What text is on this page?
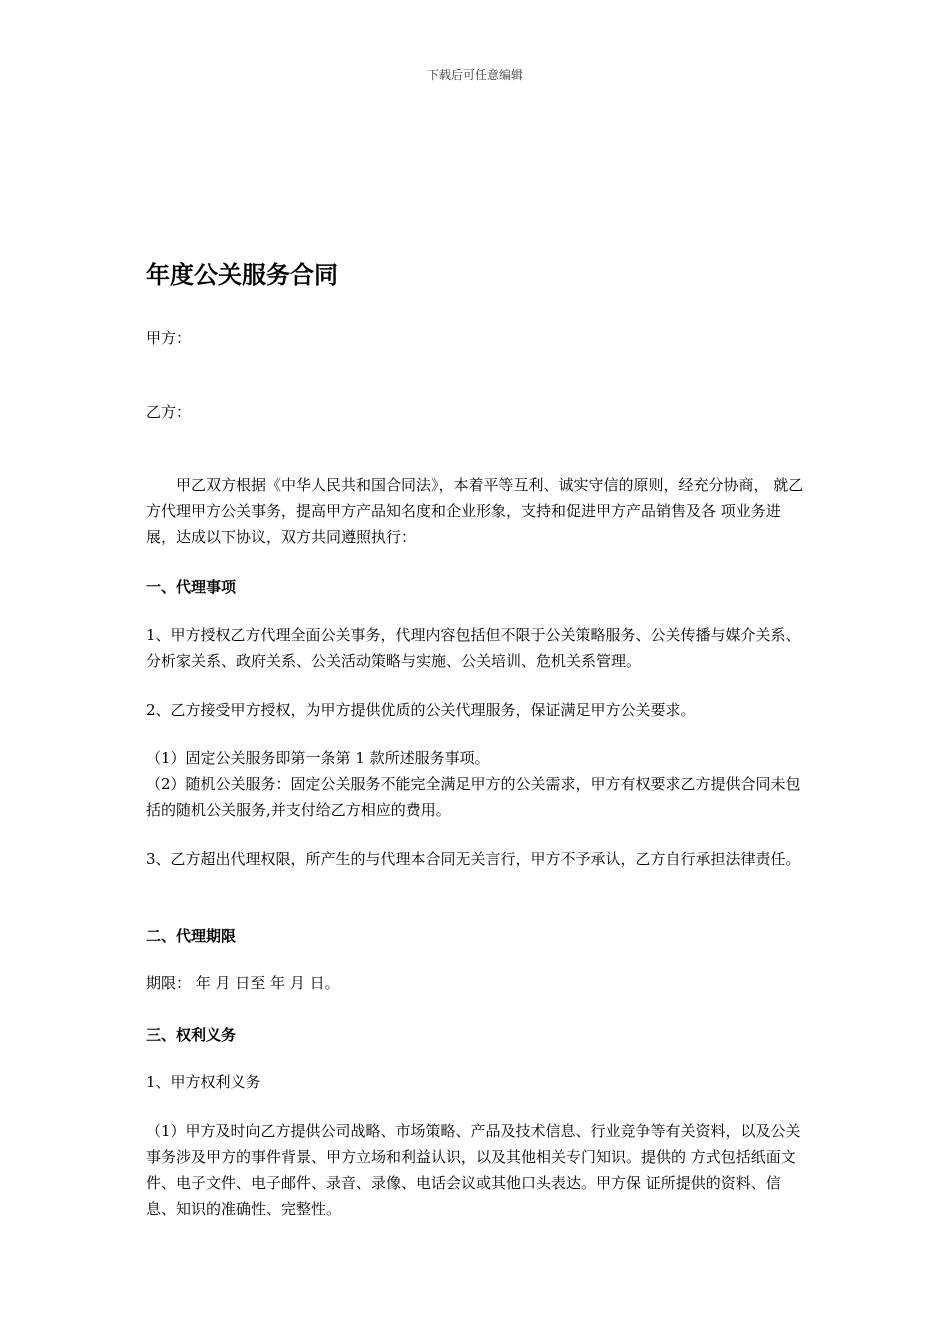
下载后可任意编辑
年度公关服务合同

甲方：

乙方：

甲乙双方根据《中华人民共和国合同法》，本着平等互利、诚实守信的原则，经充分协商， 就乙方代理甲方公关事务，提高甲方产品知名度和企业形象，支持和促进甲方产品销售及各 项业务进展，达成以下协议，双方共同遵照执行：

一、代理事项

1、甲方授权乙方代理全面公关事务，代理内容包括但不限于公关策略服务、公关传播与媒介关系、分析家关系、政府关系、公关活动策略与实施、公关培训、危机关系管理。

2、乙方接受甲方授权，为甲方提供优质的公关代理服务，保证满足甲方公关要求。

（1）固定公关服务即第一条第 1 款所述服务事项。

（2）随机公关服务：固定公关服务不能完全满足甲方的公关需求，甲方有权要求乙方提供合同未包括的随机公关服务,并支付给乙方相应的费用。

3、乙方超出代理权限，所产生的与代理本合同无关言行，甲方不予承认，乙方自行承担法律责任。

二、代理期限

期限： 年 月 日至 年 月 日。

三、权利义务

1、甲方权利义务

（1）甲方及时向乙方提供公司战略、市场策略、产品及技术信息、行业竞争等有关资料，以及公关事务涉及甲方的事件背景、甲方立场和利益认识，以及其他相关专门知识。提供的 方式包括纸面文件、电子文件、电子邮件、录音、录像、电话会议或其他口头表达。甲方保 证所提供的资料、信息、知识的准确性、完整性。
